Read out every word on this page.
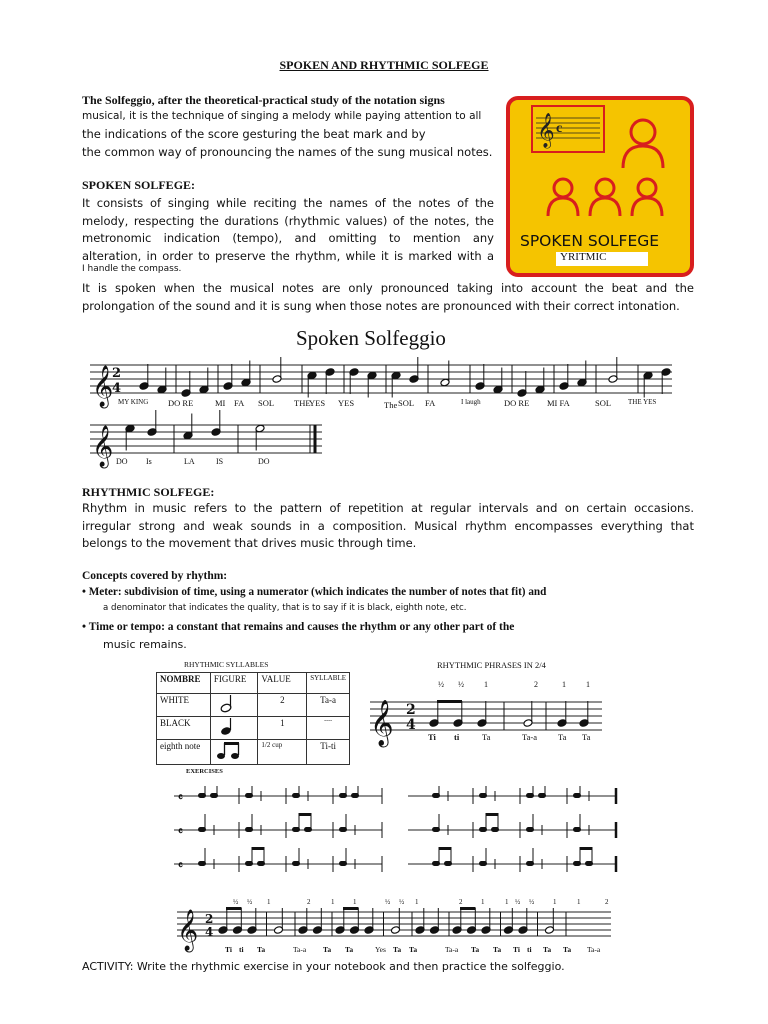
SPOKEN AND RHYTHMIC SOLFEGE
The Solfeggio, after the theoretical-practical study of the notation signs
musical, it is the technique of singing a melody while paying attention to all
the indications of the score gesturing the beat mark and by
the common way of pronouncing the names of the sung musical notes.
SPOKEN SOLFEGE:
It consists of singing while reciting the names of the notes of the
melody, respecting the durations (rhythmic values) of the notes, the
metronomic indication (tempo), and omitting to mention any
alteration, in order to preserve the rhythm, while it is marked with a
I handle the compass.
It is spoken when the musical notes are only pronounced taking into account the beat and the prolongation of the sound and it is sung when those notes are pronounced with their correct intonation.
𝄞 c
SPOKEN SOLFEGE
YRITMIC
Spoken Solfeggio
𝄞
2
4
𝄞
MY KING DO RE	MI FA SOL THE
YES YES	The SOL FA	I laugh	DO RE MI FA	SOL THE YES
DO Is	LA	IS	DO
RHYTHMIC SOLFEGE:
Rhythm in music refers to the pattern of repetition at regular intervals and on certain occasions.
irregular strong and weak sounds in a composition. Musical rhythm encompasses everything that
belongs to the movement that drives music through time.
Concepts covered by rhythm:
• Meter: subdivision of time, using a numerator (which indicates the number of notes that fit) and
a denominator that indicates the quality, that is to say if it is black, eighth note, etc.
• Time or tempo: a constant that remains and causes the rhythm or any other part of the
music remains.
RHYTHMIC SYLLABLES
NOMBRE	FIGURE	VALUE	SYLLABLE
WHITE		2	Ta-a
BLACK		1	----
eighth note		1/2 cup	Ti-ti
RHYTHMIC PHRASES IN 2/4
𝄞 2
4
½ ½	1	2	1	1
Ti ti	Ta	Ta-a Ta Ta
EXERCISES
𝄴
𝄴
𝄴
𝄞 2
4
½ ½ 1	2	1	1	½ ½ 1	2	1	1 ½ ½	1	1	2
Ti ti Ta	Ta-a Ta Ta	Yes Ta Ta	Ta-a Ta Ta Ti ti Ta Ta Ta-a
ACTIVITY: Write the rhythmic exercise in your notebook and then practice the solfeggio.
